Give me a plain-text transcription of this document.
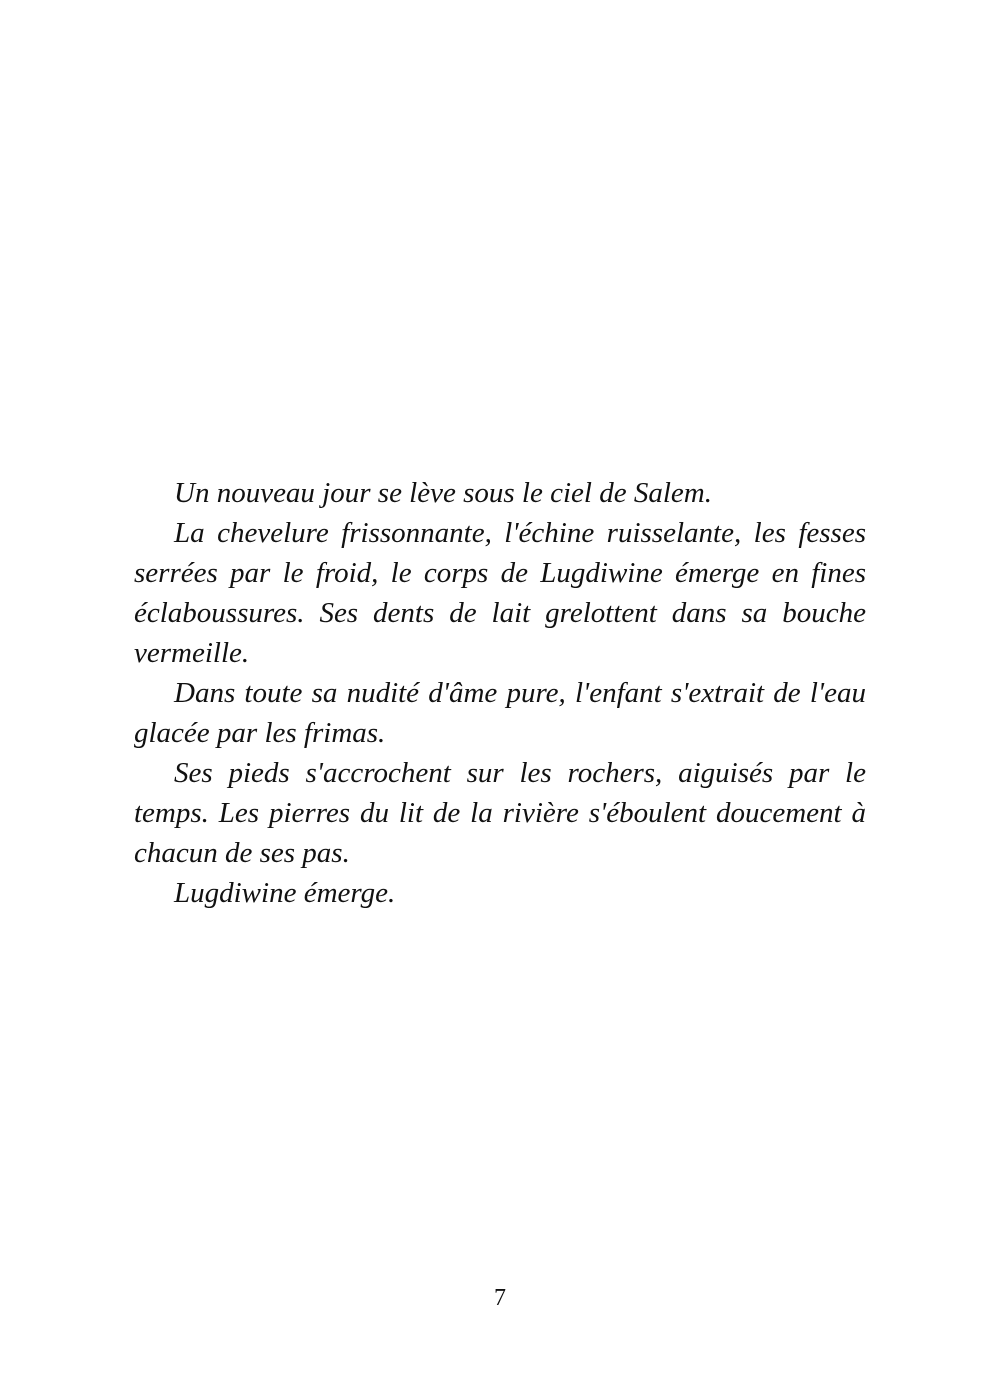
Un nouveau jour se lève sous le ciel de Salem.

La chevelure frissonnante, l'échine ruisselante, les fesses serrées par le froid, le corps de Lugdiwine émerge en fines éclaboussures. Ses dents de lait grelottent dans sa bouche vermeille.

Dans toute sa nudité d'âme pure, l'enfant s'extrait de l'eau glacée par les frimas.

Ses pieds s'accrochent sur les rochers, aiguisés par le temps. Les pierres du lit de la rivière s'éboulent doucement à chacun de ses pas.

Lugdiwine émerge.

7
